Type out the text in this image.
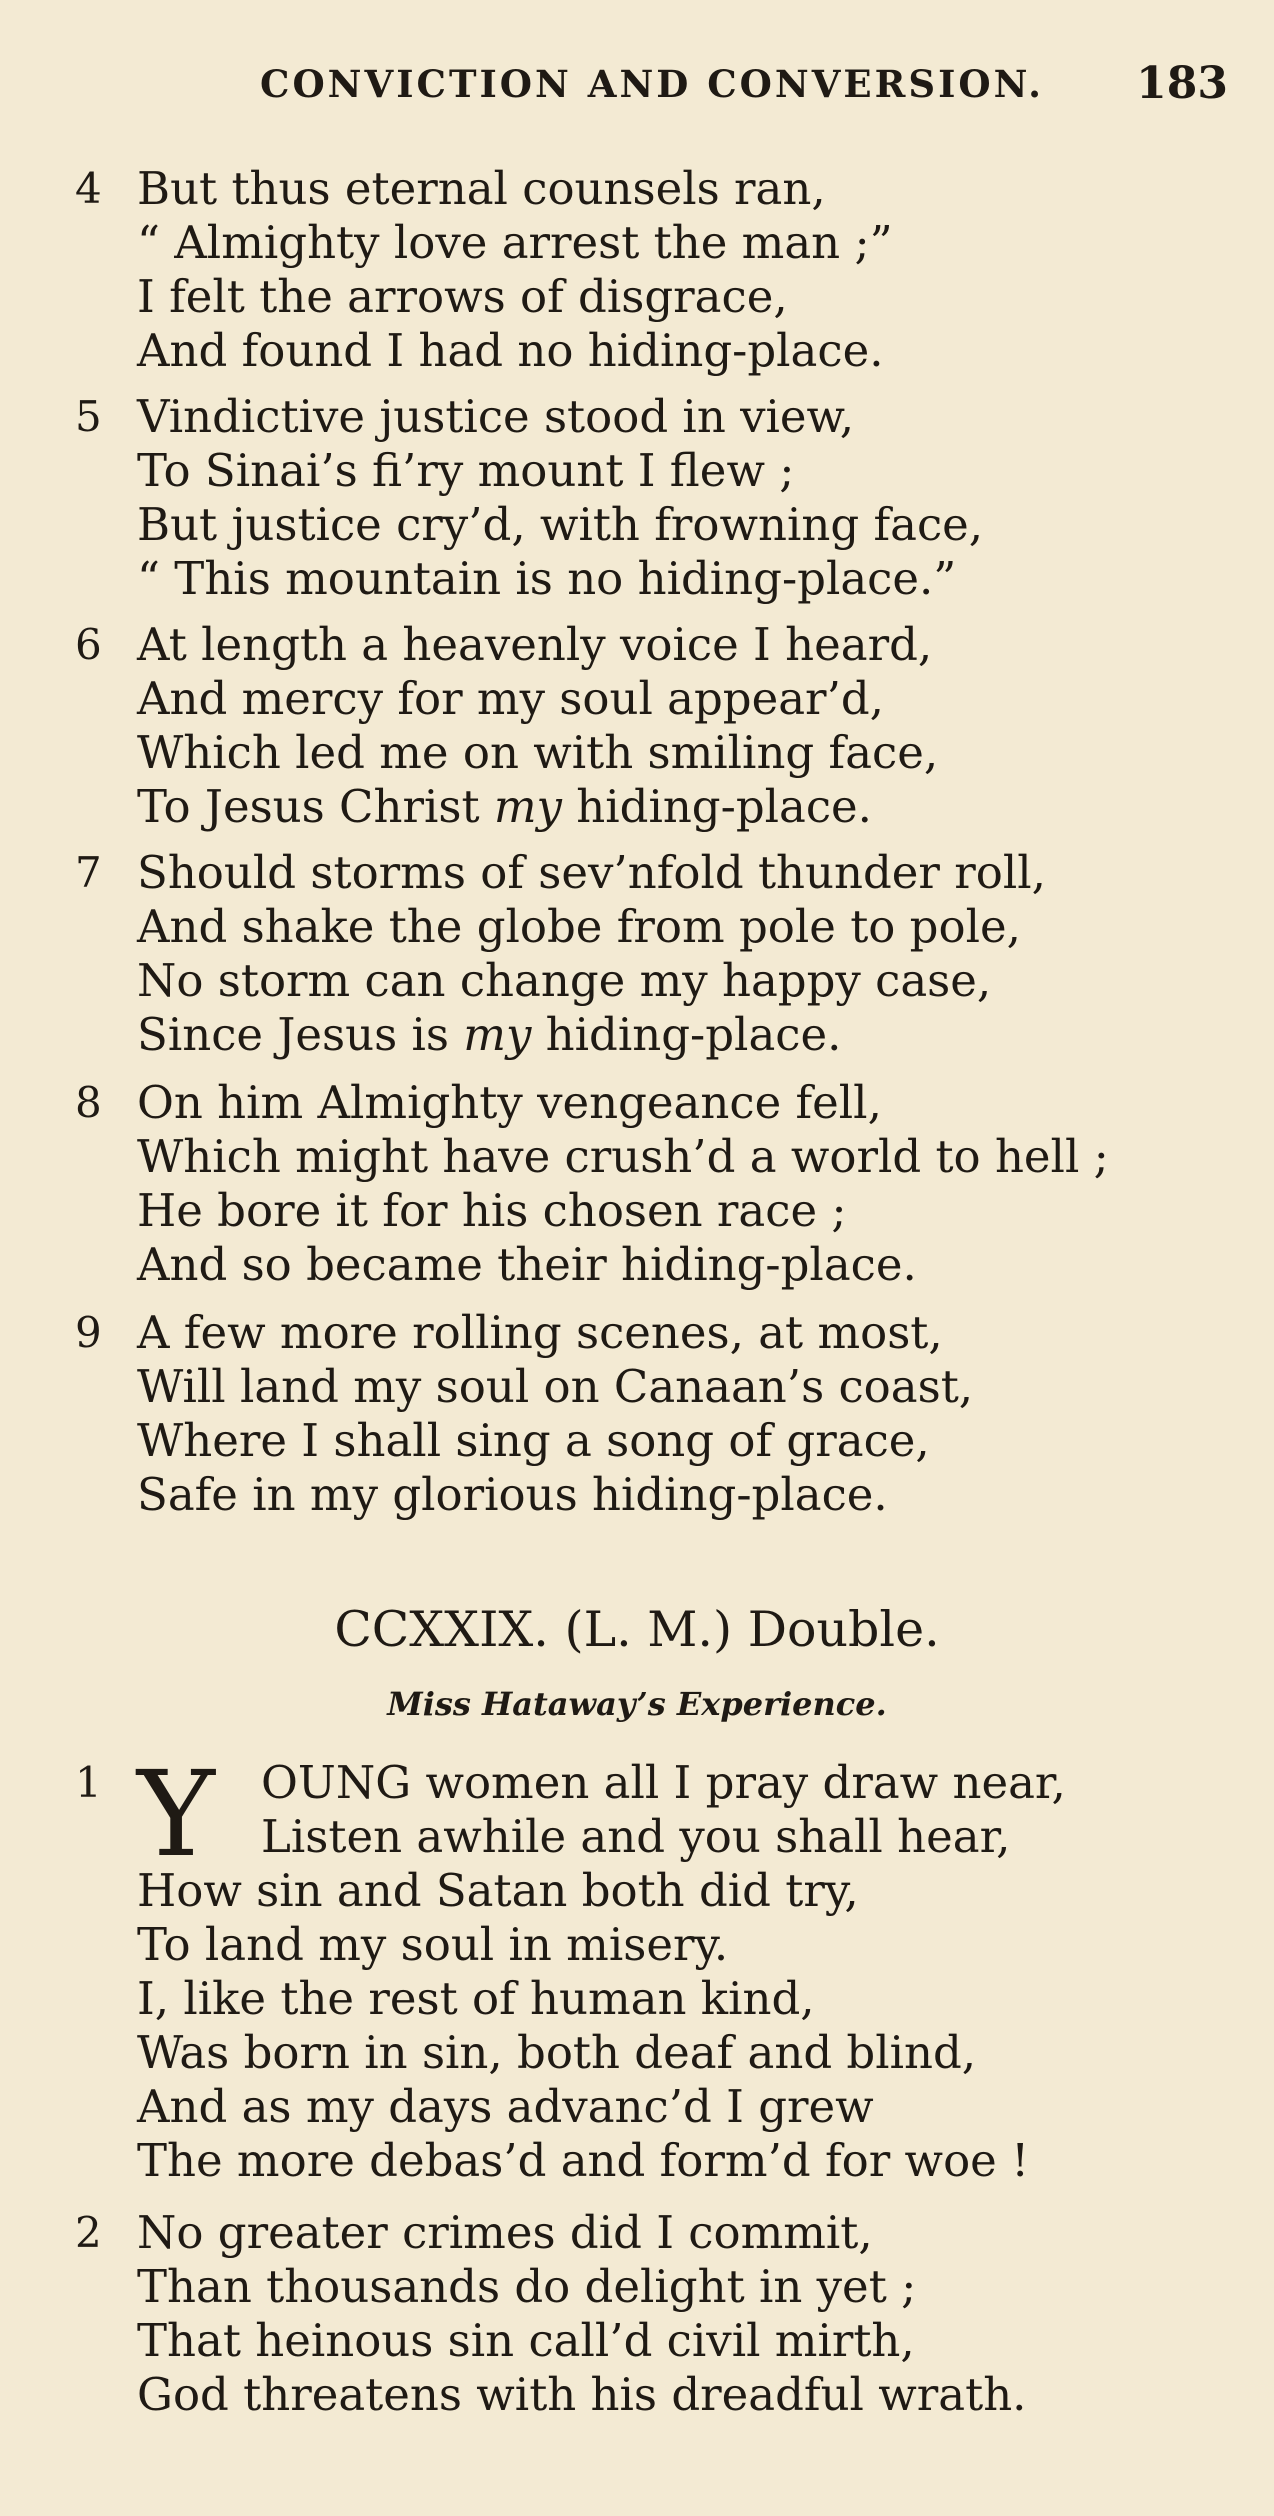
CONVICTION AND CONVERSION. 183
4 But thus eternal counsels ran,
“ Almighty love arrest the man ;”
I felt the arrows of disgrace,
And found I had no hiding-place.
5 Vindictive justice stood in view,
To Sinai’s fi’ry mount I flew ;
But justice cry’d, with frowning face,
“ This mountain is no hiding-place.”
6 At length a heavenly voice I heard,
And mercy for my soul appear’d,
Which led me on with smiling face,
To Jesus Christ my hiding-place.
7 Should storms of sev’nfold thunder roll,
And shake the globe from pole to pole,
No storm can change my happy case,
Since Jesus is my hiding-place.
8 On him Almighty vengeance fell,
Which might have crush’d a world to hell ;
He bore it for his chosen race ;
And so became their hiding-place.
9 A few more rolling scenes, at most,
Will land my soul on Canaan’s coast,
Where I shall sing a song of grace,
Safe in my glorious hiding-place.
CCXXIX. (L. M.) Double.
Miss Hataway’s Experience.
1 Y	OUNG women all I pray draw near,
Listen awhile and you shall hear,
How sin and Satan both did try,
To land my soul in misery.
I, like the rest of human kind,
Was born in sin, both deaf and blind,
And as my days advanc’d I grew
The more debas’d and form’d for woe !
2 No greater crimes did I commit,
Than thousands do delight in yet ;
That heinous sin call’d civil mirth,
God threatens with his dreadful wrath.
